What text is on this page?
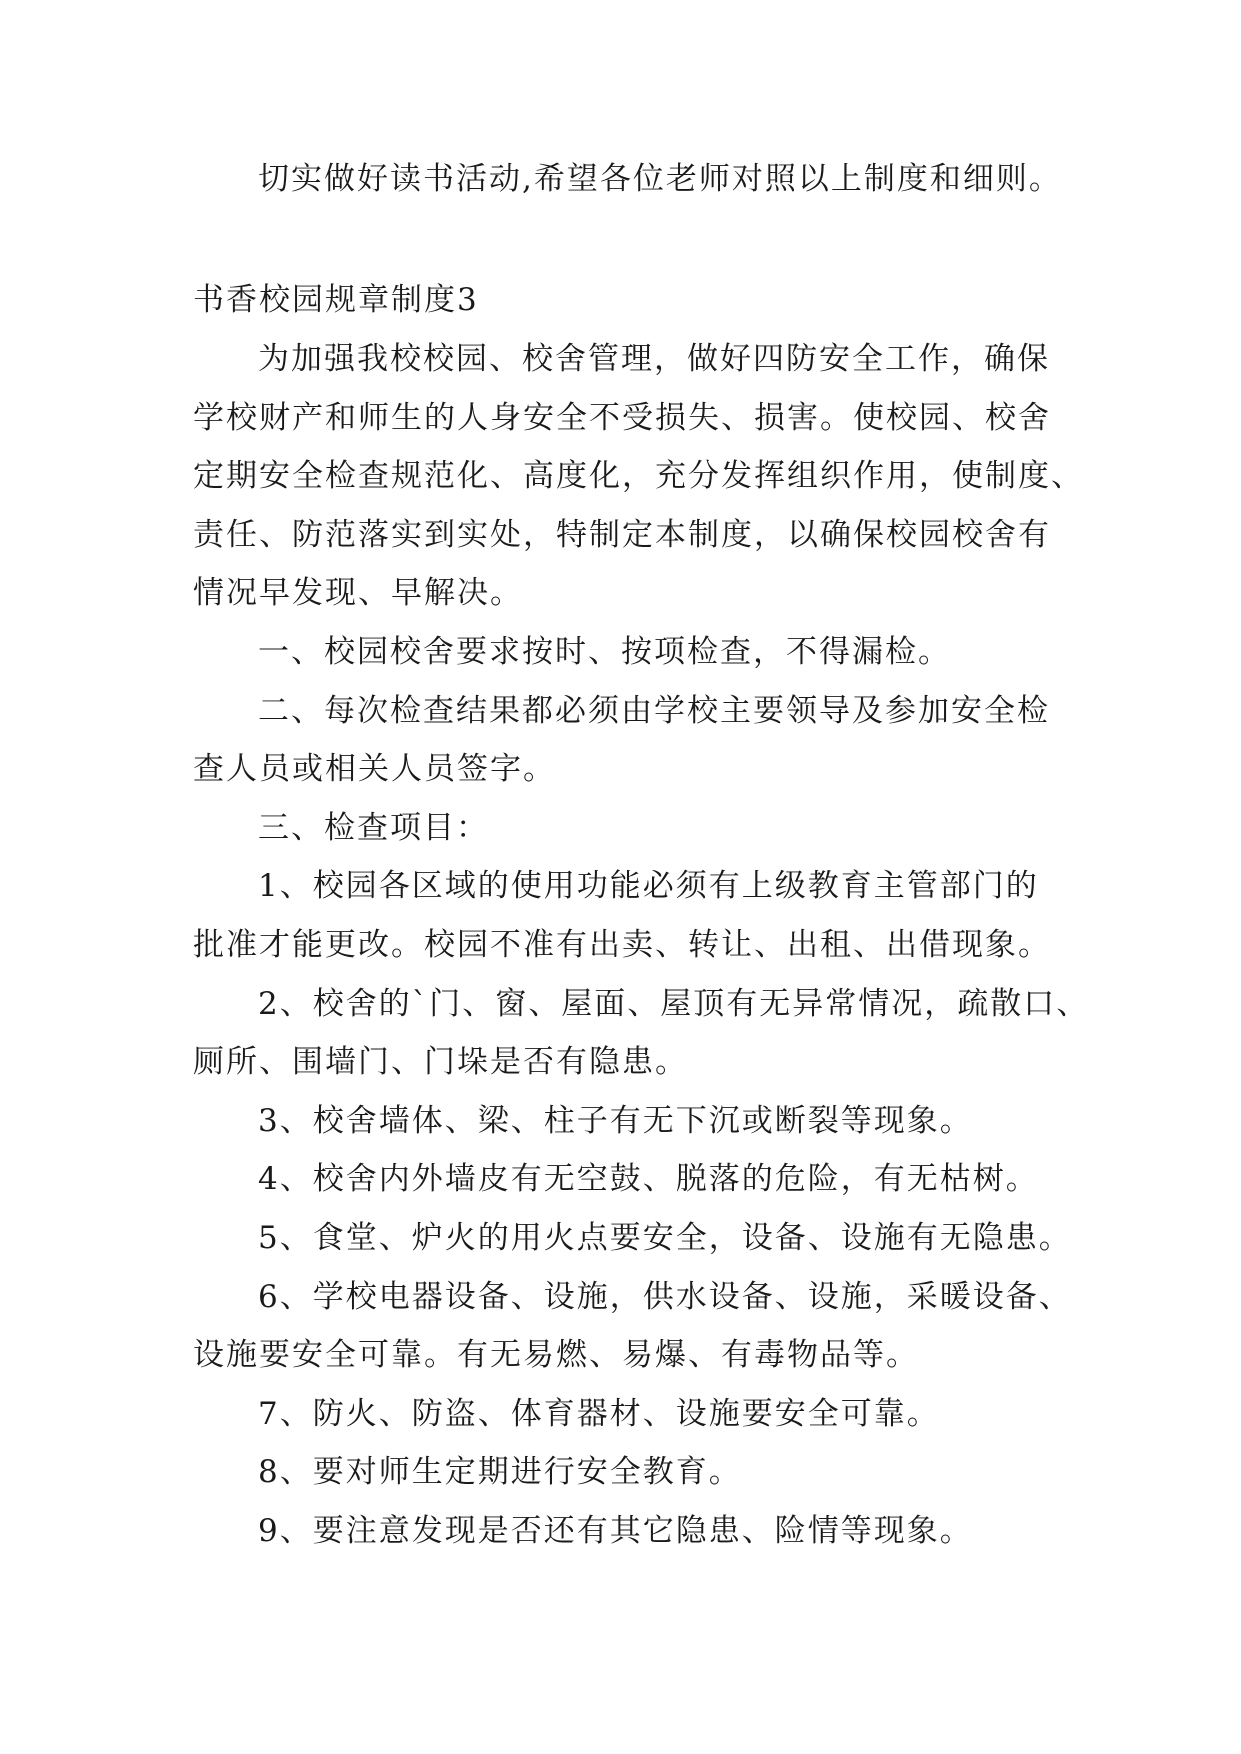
切实做好读书活动,希望各位老师对照以上制度和细则。
书香校园规章制度3
为加强我校校园、校舍管理，做好四防安全工作，确保
学校财产和师生的人身安全不受损失、损害。使校园、校舍
定期安全检查规范化、高度化，充分发挥组织作用，使制度、
责任、防范落实到实处，特制定本制度，以确保校园校舍有
情况早发现、早解决。
一、校园校舍要求按时、按项检查，不得漏检。
二、每次检查结果都必须由学校主要领导及参加安全检
查人员或相关人员签字。
三、检查项目：
1、校园各区域的使用功能必须有上级教育主管部门的
批准才能更改。校园不准有出卖、转让、出租、出借现象。
2、校舍的`门、窗、屋面、屋顶有无异常情况，疏散口、
厕所、围墙门、门垛是否有隐患。
3、校舍墙体、梁、柱子有无下沉或断裂等现象。
4、校舍内外墙皮有无空鼓、脱落的危险，有无枯树。
5、食堂、炉火的用火点要安全，设备、设施有无隐患。
6、学校电器设备、设施，供水设备、设施，采暖设备、
设施要安全可靠。有无易燃、易爆、有毒物品等。
7、防火、防盗、体育器材、设施要安全可靠。
8、要对师生定期进行安全教育。
9、要注意发现是否还有其它隐患、险情等现象。
